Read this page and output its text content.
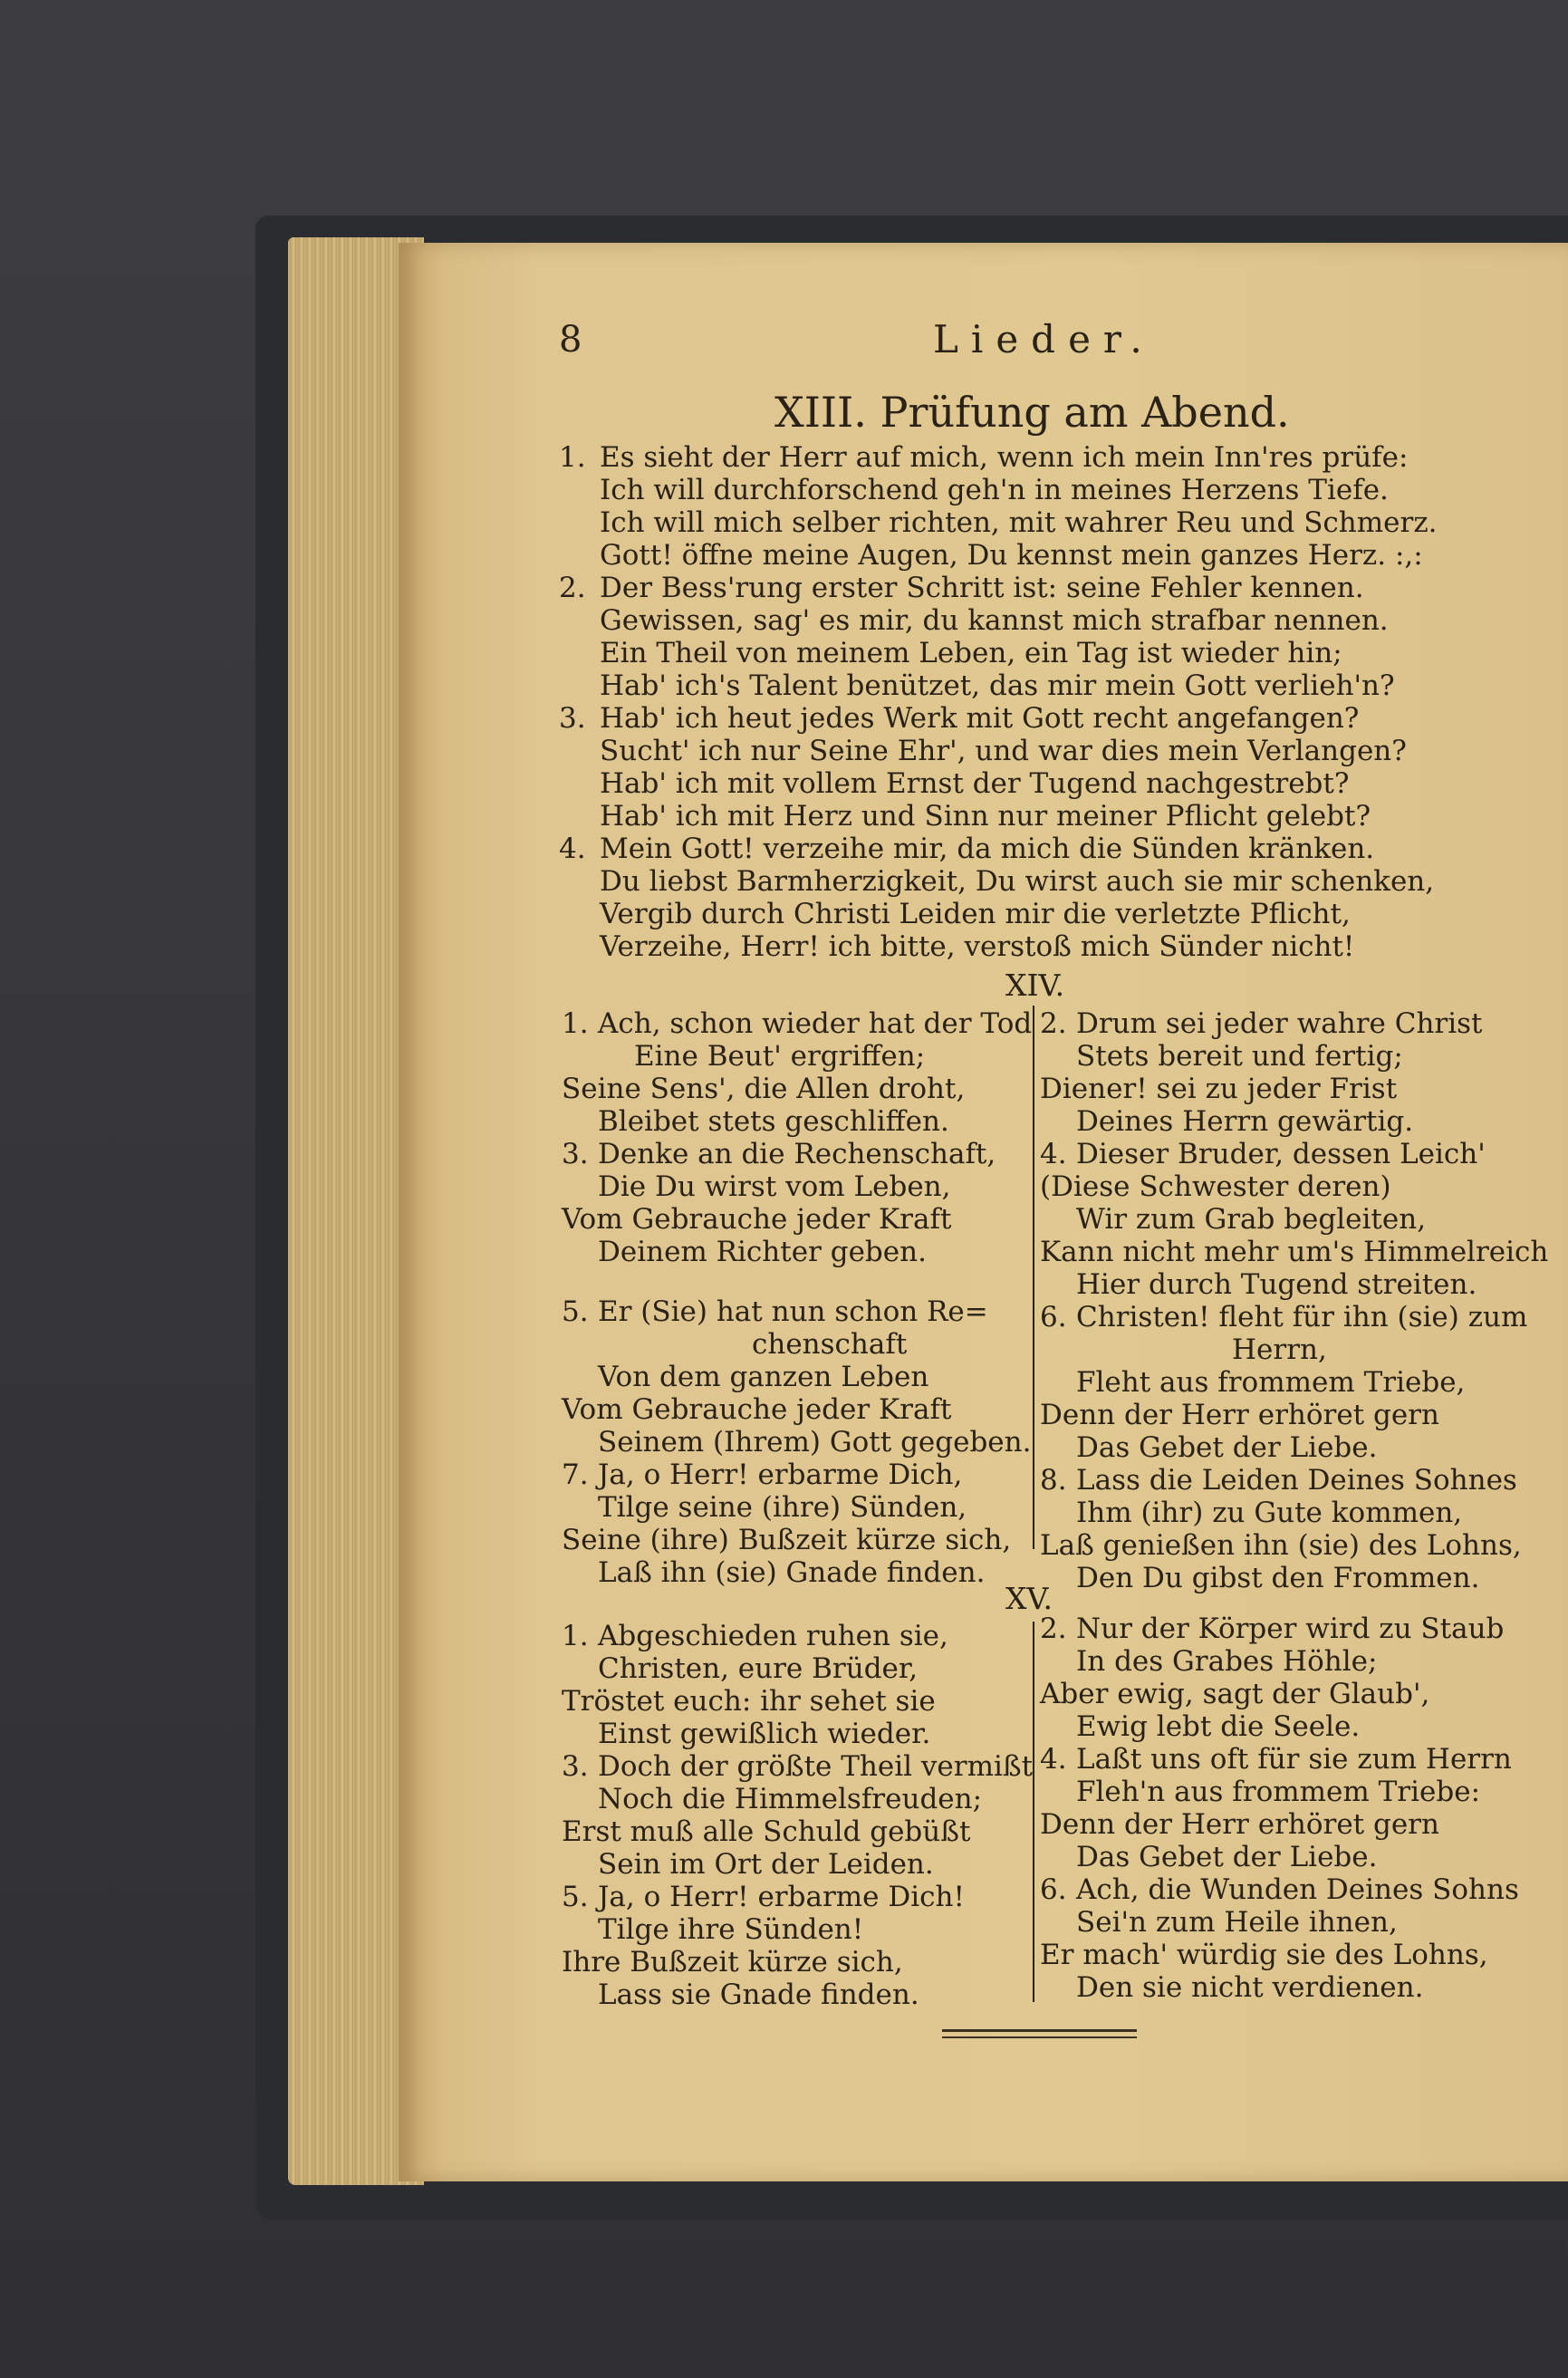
8	Lieder.
XIII. Prüfung am Abend.
1. Es sieht der Herr auf mich, wenn ich mein Inn'res prüfe:
Ich will durchforschend geh'n in meines Herzens Tiefe.
Ich will mich selber richten, mit wahrer Reu und Schmerz.
Gott! öffne meine Augen, Du kennst mein ganzes Herz. :,:
2. Der Bess'rung erster Schritt ist: seine Fehler kennen.
Gewissen, sag' es mir, du kannst mich strafbar nennen.
Ein Theil von meinem Leben, ein Tag ist wieder hin;
Hab' ich's Talent benützet, das mir mein Gott verlieh'n?
3. Hab' ich heut jedes Werk mit Gott recht angefangen?
Sucht' ich nur Seine Ehr', und war dies mein Verlangen?
Hab' ich mit vollem Ernst der Tugend nachgestrebt?
Hab' ich mit Herz und Sinn nur meiner Pflicht gelebt?
4. Mein Gott! verzeihe mir, da mich die Sünden kränken.
Du liebst Barmherzigkeit, Du wirst auch sie mir schenken,
Vergib durch Christi Leiden mir die verletzte Pflicht,
Verzeihe, Herr! ich bitte, verstoß mich Sünder nicht!
XIV.
1. Ach, schon wieder hat der Tod
Eine Beut' ergriffen;
Seine Sens', die Allen droht,
Bleibet stets geschliffen.
3. Denke an die Rechenschaft,
Die Du wirst vom Leben,
Vom Gebrauche jeder Kraft
Deinem Richter geben.
5. Er (Sie) hat nun schon Re=
chenschaft
Von dem ganzen Leben
Vom Gebrauche jeder Kraft
Seinem (Ihrem) Gott gegeben.
7. Ja, o Herr! erbarme Dich,
Tilge seine (ihre) Sünden,
Seine (ihre) Bußzeit kürze sich,
Laß ihn (sie) Gnade finden.
2. Drum sei jeder wahre Christ
Stets bereit und fertig;
Diener! sei zu jeder Frist
Deines Herrn gewärtig.
4. Dieser Bruder, dessen Leich'
(Diese Schwester deren)
Wir zum Grab begleiten,
Kann nicht mehr um's Himmelreich
Hier durch Tugend streiten.
6. Christen! fleht für ihn (sie) zum
Herrn,
Fleht aus frommem Triebe,
Denn der Herr erhöret gern
Das Gebet der Liebe.
8. Lass die Leiden Deines Sohnes
Ihm (ihr) zu Gute kommen,
Laß genießen ihn (sie) des Lohns,
Den Du gibst den Frommen.
XV.
1. Abgeschieden ruhen sie,
Christen, eure Brüder,
Tröstet euch: ihr sehet sie
Einst gewißlich wieder.
3. Doch der größte Theil vermißt
Noch die Himmelsfreuden;
Erst muß alle Schuld gebüßt
Sein im Ort der Leiden.
5. Ja, o Herr! erbarme Dich!
Tilge ihre Sünden!
Ihre Bußzeit kürze sich,
Lass sie Gnade finden.
2. Nur der Körper wird zu Staub
In des Grabes Höhle;
Aber ewig, sagt der Glaub',
Ewig lebt die Seele.
4. Laßt uns oft für sie zum Herrn
Fleh'n aus frommem Triebe:
Denn der Herr erhöret gern
Das Gebet der Liebe.
6. Ach, die Wunden Deines Sohns
Sei'n zum Heile ihnen,
Er mach' würdig sie des Lohns,
Den sie nicht verdienen.
